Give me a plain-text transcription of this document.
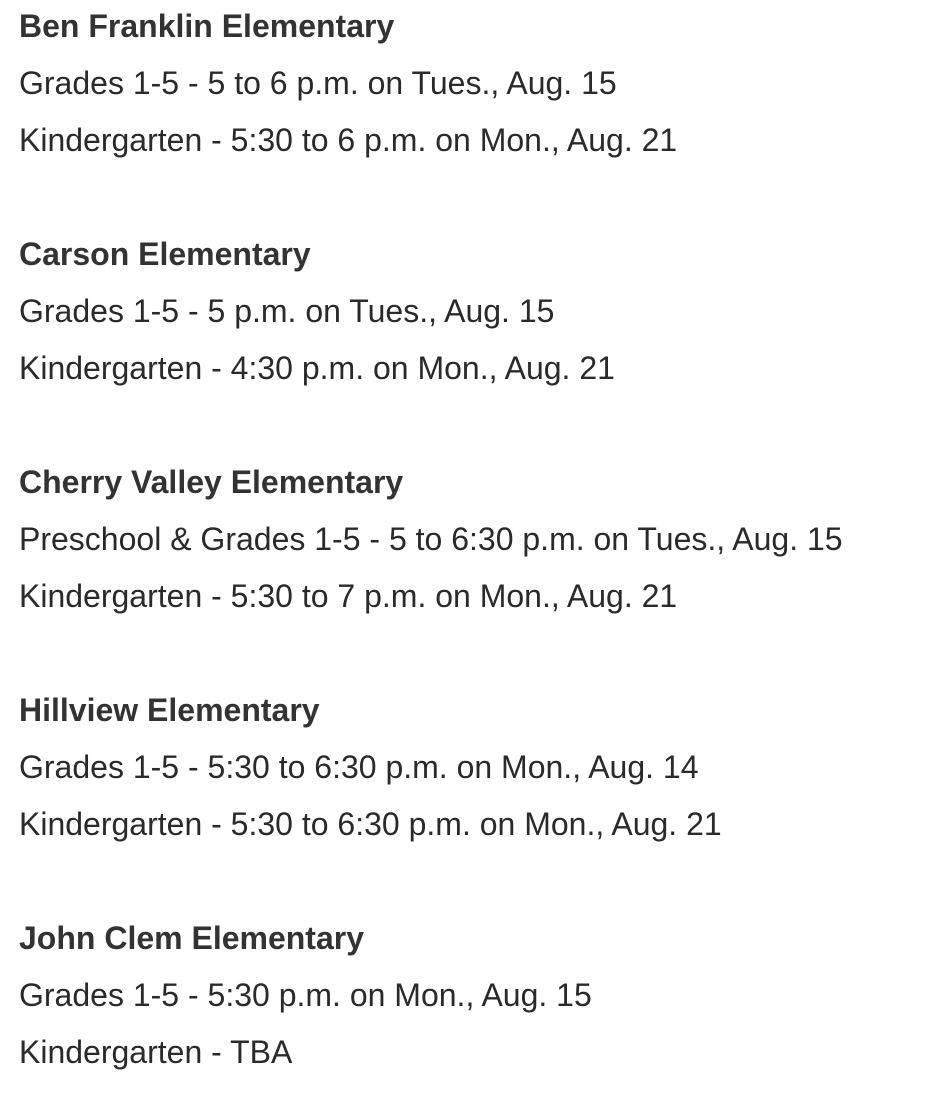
Ben Franklin Elementary

Grades 1-5 - 5 to 6 p.m. on Tues., Aug. 15

Kindergarten - 5:30 to 6 p.m. on Mon., Aug. 21

Carson Elementary

Grades 1-5 - 5 p.m. on Tues., Aug. 15

Kindergarten - 4:30 p.m. on Mon., Aug. 21

Cherry Valley Elementary

Preschool & Grades 1-5 - 5 to 6:30 p.m. on Tues., Aug. 15

Kindergarten - 5:30 to 7 p.m. on Mon., Aug. 21

Hillview Elementary

Grades 1-5 - 5:30 to 6:30 p.m. on Mon., Aug. 14

Kindergarten - 5:30 to 6:30 p.m. on Mon., Aug. 21

John Clem Elementary

Grades 1-5 - 5:30 p.m. on Mon., Aug. 15

Kindergarten - TBA
